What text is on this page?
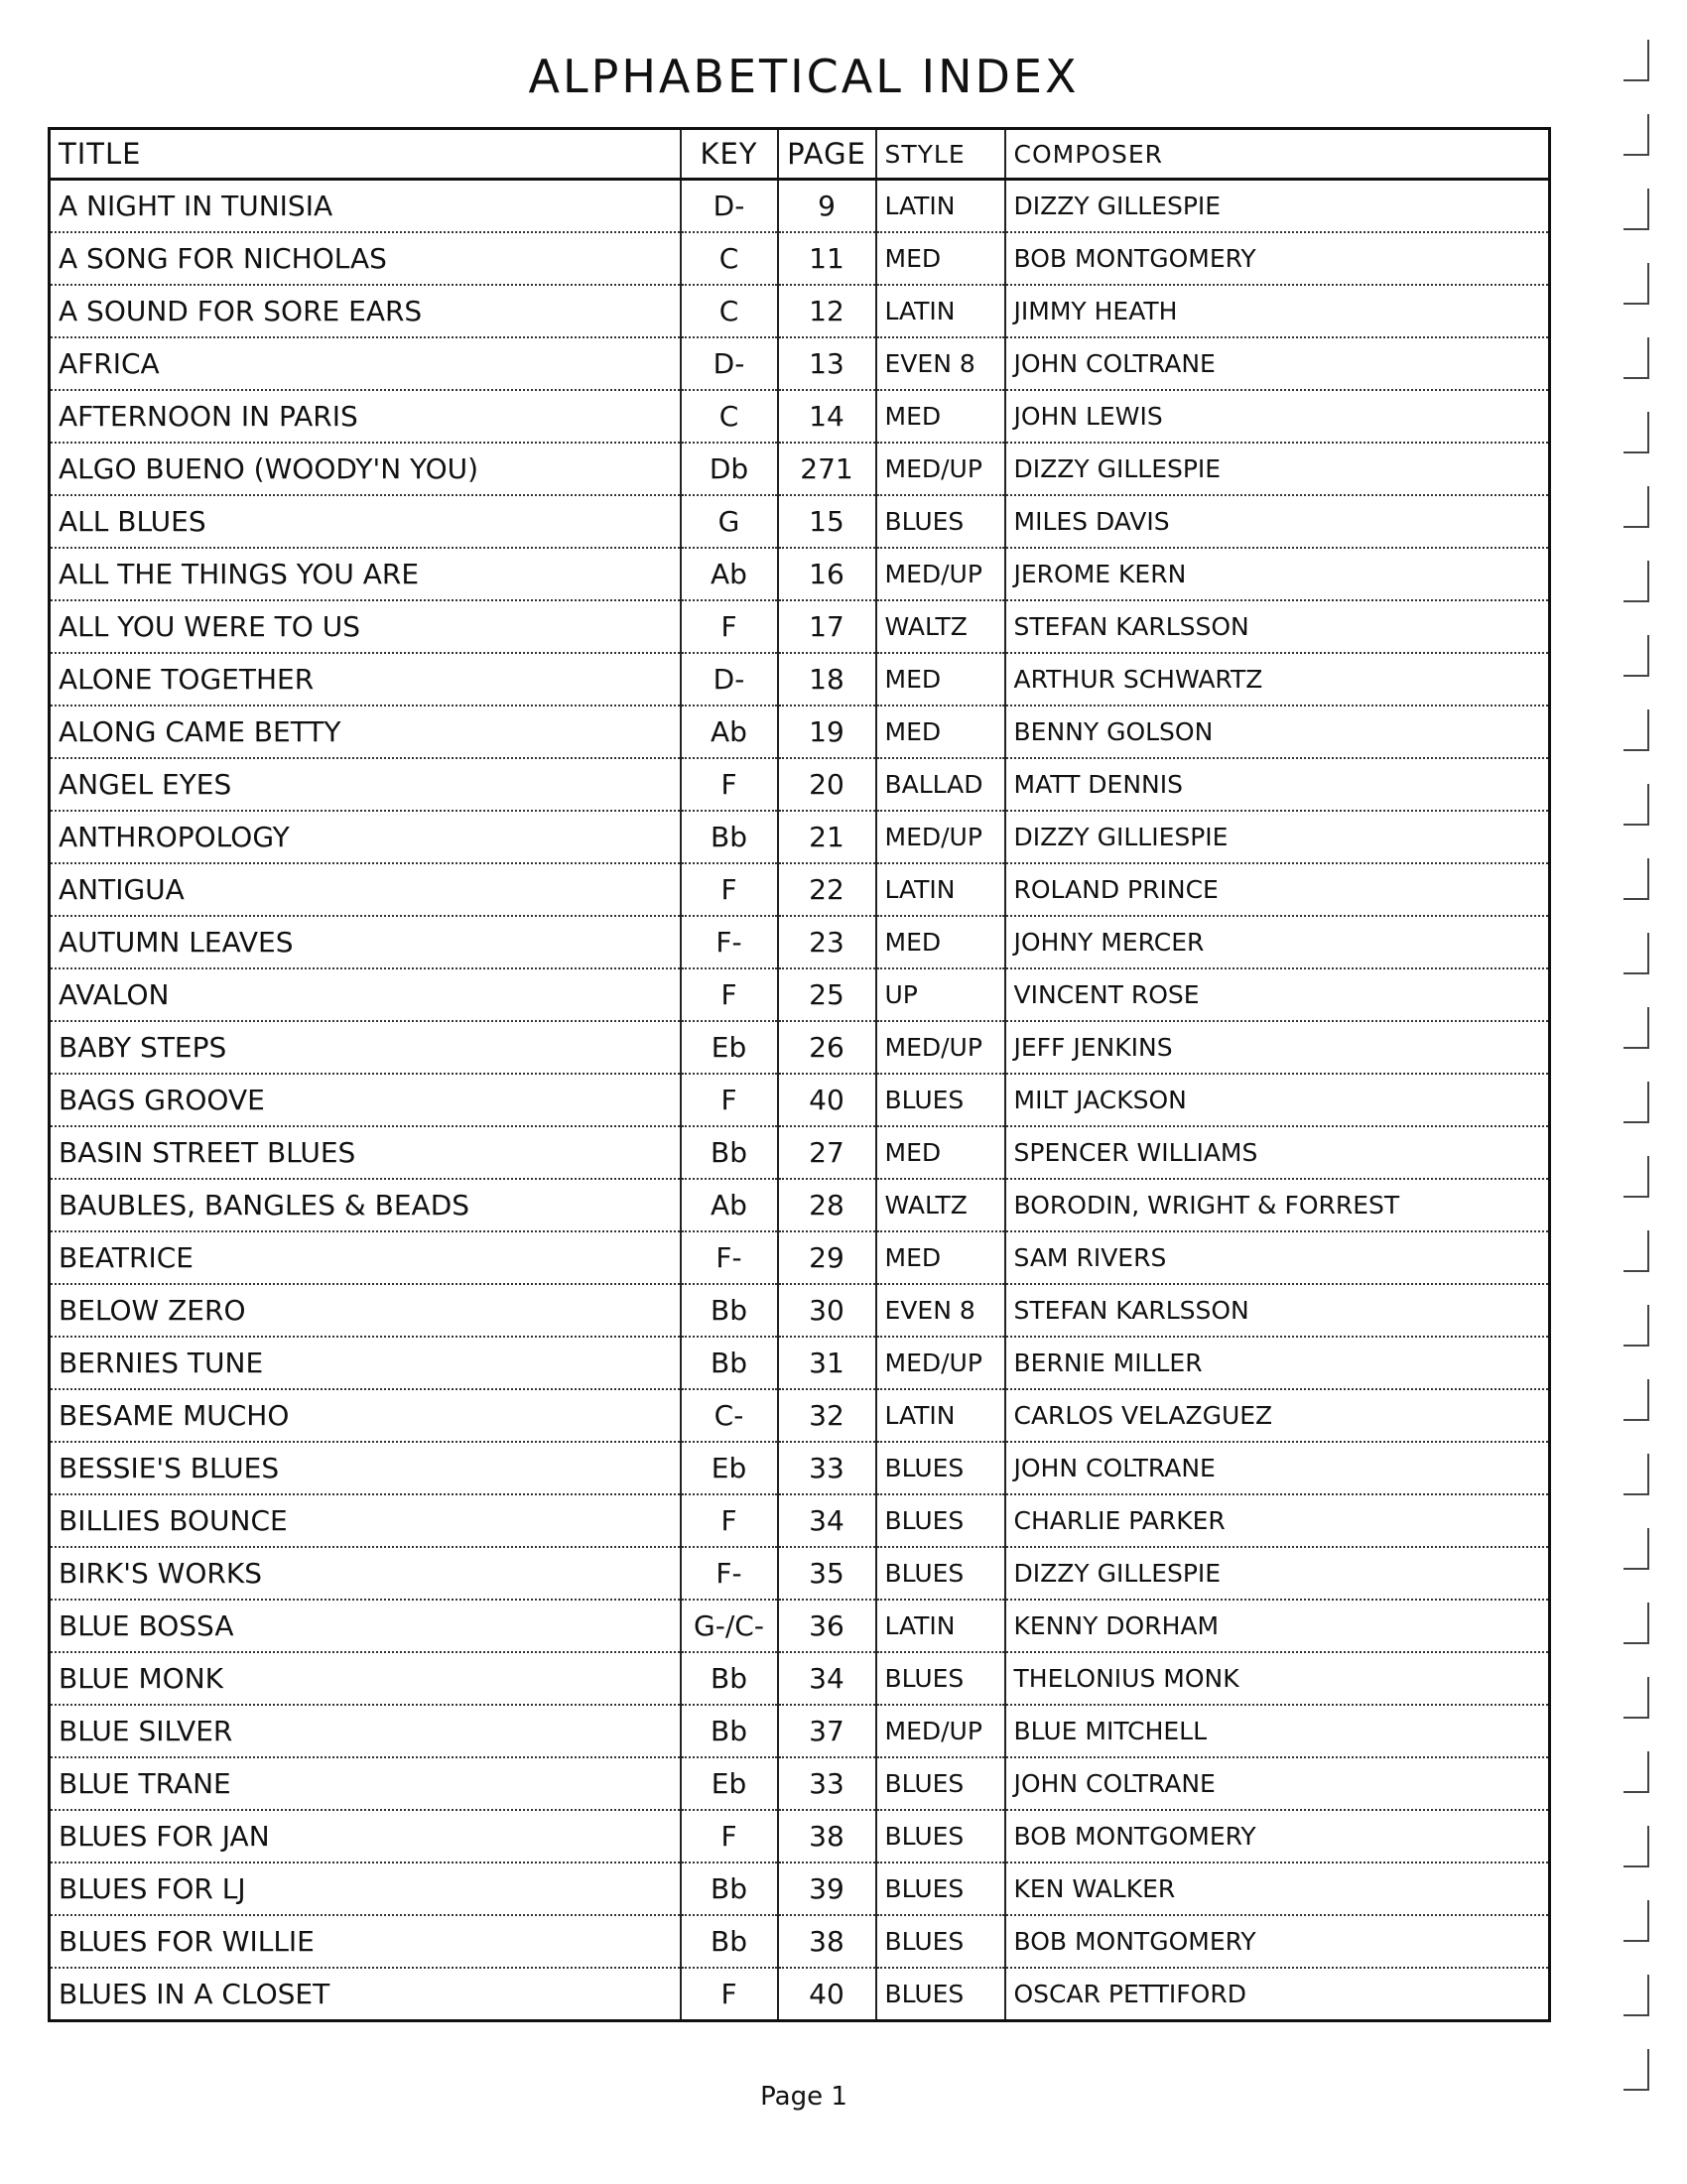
ALPHABETICAL INDEX
TITLE	KEY	PAGE	STYLE	COMPOSER
A NIGHT IN TUNISIA	D-	9	LATIN	DIZZY GILLESPIE
A SONG FOR NICHOLAS	C	11	MED	BOB MONTGOMERY
A SOUND FOR SORE EARS	C	12	LATIN	JIMMY HEATH
AFRICA	D-	13	EVEN 8	JOHN COLTRANE
AFTERNOON IN PARIS	C	14	MED	JOHN LEWIS
ALGO BUENO (WOODY'N YOU)	Db	271	MED/UP	DIZZY GILLESPIE
ALL BLUES	G	15	BLUES	MILES DAVIS
ALL THE THINGS YOU ARE	Ab	16	MED/UP	JEROME KERN
ALL YOU WERE TO US	F	17	WALTZ	STEFAN KARLSSON
ALONE TOGETHER	D-	18	MED	ARTHUR SCHWARTZ
ALONG CAME BETTY	Ab	19	MED	BENNY GOLSON
ANGEL EYES	F	20	BALLAD	MATT DENNIS
ANTHROPOLOGY	Bb	21	MED/UP	DIZZY GILLIESPIE
ANTIGUA	F	22	LATIN	ROLAND PRINCE
AUTUMN LEAVES	F-	23	MED	JOHNY MERCER
AVALON	F	25	UP	VINCENT ROSE
BABY STEPS	Eb	26	MED/UP	JEFF JENKINS
BAGS GROOVE	F	40	BLUES	MILT JACKSON
BASIN STREET BLUES	Bb	27	MED	SPENCER WILLIAMS
BAUBLES, BANGLES & BEADS	Ab	28	WALTZ	BORODIN, WRIGHT & FORREST
BEATRICE	F-	29	MED	SAM RIVERS
BELOW ZERO	Bb	30	EVEN 8	STEFAN KARLSSON
BERNIES TUNE	Bb	31	MED/UP	BERNIE MILLER
BESAME MUCHO	C-	32	LATIN	CARLOS VELAZGUEZ
BESSIE'S BLUES	Eb	33	BLUES	JOHN COLTRANE
BILLIES BOUNCE	F	34	BLUES	CHARLIE PARKER
BIRK'S WORKS	F-	35	BLUES	DIZZY GILLESPIE
BLUE BOSSA	G-/C-	36	LATIN	KENNY DORHAM
BLUE MONK	Bb	34	BLUES	THELONIUS MONK
BLUE SILVER	Bb	37	MED/UP	BLUE MITCHELL
BLUE TRANE	Eb	33	BLUES	JOHN COLTRANE
BLUES FOR JAN	F	38	BLUES	BOB MONTGOMERY
BLUES FOR LJ	Bb	39	BLUES	KEN WALKER
BLUES FOR WILLIE	Bb	38	BLUES	BOB MONTGOMERY
BLUES IN A CLOSET	F	40	BLUES	OSCAR PETTIFORD
Page 1
